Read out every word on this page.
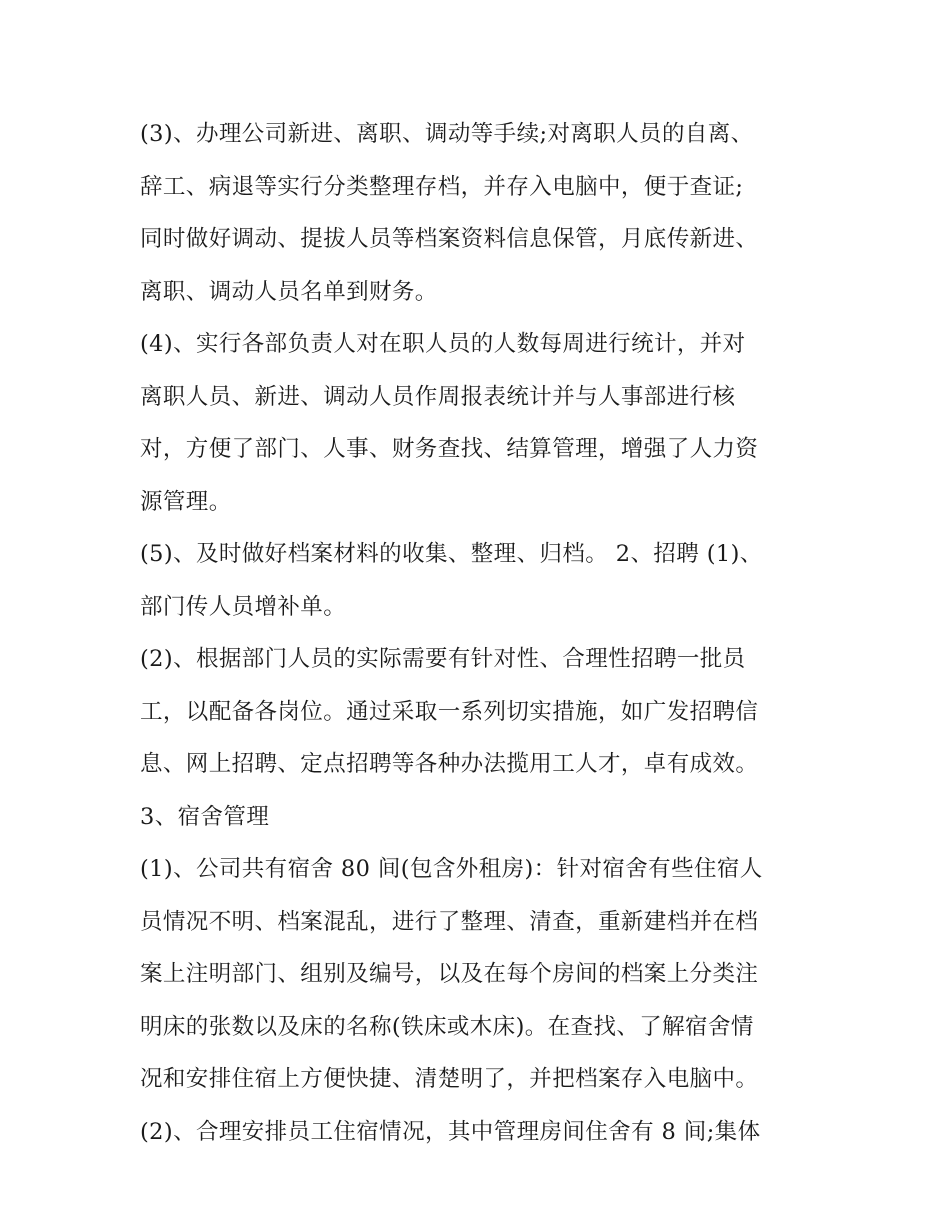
(3)、办理公司新进、离职、调动等手续;对离职人员的自离、
辞工、病退等实行分类整理存档，并存入电脑中，便于查证;
同时做好调动、提拔人员等档案资料信息保管，月底传新进、
离职、调动人员名单到财务。
(4)、实行各部负责人对在职人员的人数每周进行统计，并对
离职人员、新进、调动人员作周报表统计并与人事部进行核
对，方便了部门、人事、财务查找、结算管理，增强了人力资
源管理。
(5)、及时做好档案材料的收集、整理、归档。 2、招聘 (1)、
部门传人员增补单。
(2)、根据部门人员的实际需要有针对性、合理性招聘一批员
工，以配备各岗位。通过采取一系列切实措施，如广发招聘信
息、网上招聘、定点招聘等各种办法揽用工人才，卓有成效。
3、宿舍管理
(1)、公司共有宿舍 80 间(包含外租房)：针对宿舍有些住宿人
员情况不明、档案混乱，进行了整理、清查，重新建档并在档
案上注明部门、组别及编号，以及在每个房间的档案上分类注
明床的张数以及床的名称(铁床或木床)。在查找、了解宿舍情
况和安排住宿上方便快捷、清楚明了，并把档案存入电脑中。
(2)、合理安排员工住宿情况，其中管理房间住舍有 8 间;集体
